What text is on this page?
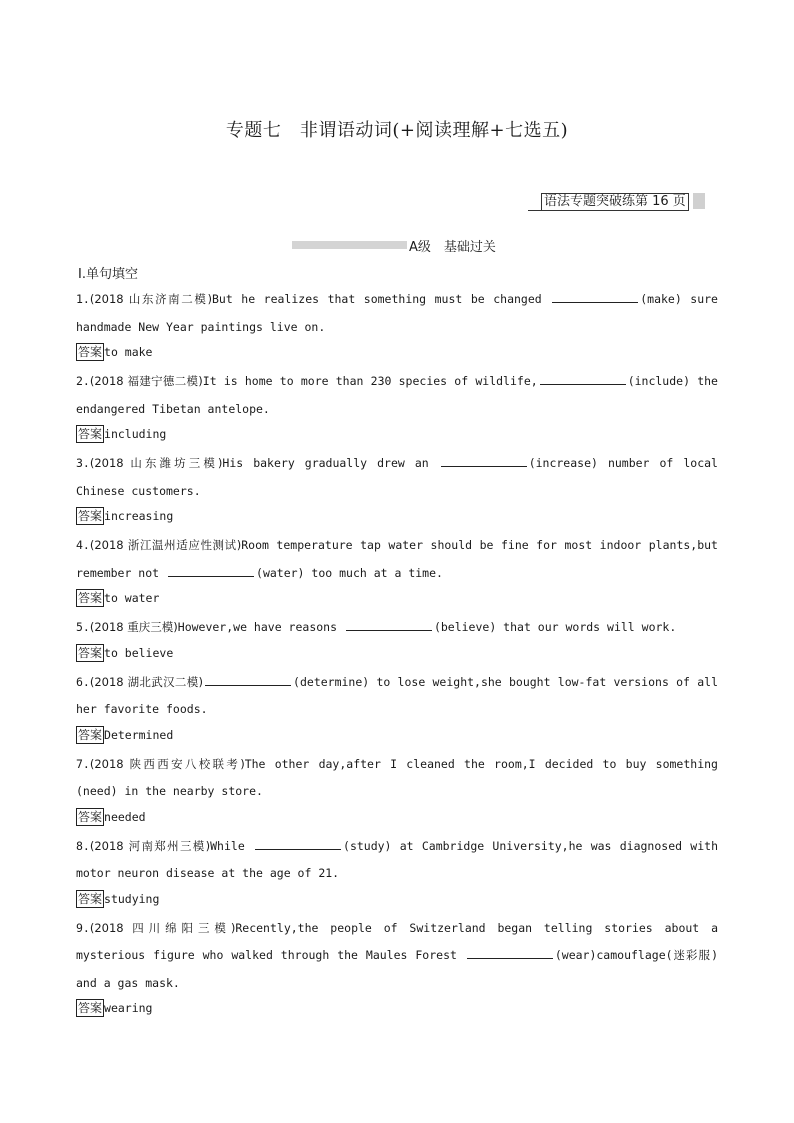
专题七　非谓语动词(+阅读理解+七选五)
语法专题突破练第 16 页
A级　基础过关
Ⅰ.单句填空

1.(2018 山东济南二模)But he realizes that something must be changed	(make) sure handmade New Year paintings live on.

答案 to make

2.(2018 福建宁德二模)It is home to more than 230 species of wildlife,	(include) the endangered Tibetan antelope.

答案 including

3.(2018 山东潍坊三模)His bakery gradually drew an	(increase) number of local Chinese customers.

答案 increasing

4.(2018 浙江温州适应性测试)Room temperature tap water should be fine for most indoor plants,but remember not	(water) too much at a time.

答案 to water

5.(2018 重庆三模)However,we have reasons	(believe) that our words will work.

答案 to believe

6.(2018 湖北武汉二模)	(determine) to lose weight,she bought low-fat versions of all her favorite foods.

答案 Determined

7.(2018 陕西西安八校联考)The other day,after I cleaned the room,I decided to buy something (need) in the nearby store.

答案 needed

8.(2018 河南郑州三模)While	(study) at Cambridge University,he was diagnosed with motor neuron disease at the age of 21.

答案 studying

9.(2018 四川绵阳三模)Recently,the people of Switzerland began telling stories about a mysterious figure who walked through the Maules Forest	(wear)camouflage(迷彩服) and a gas mask.

答案 wearing
